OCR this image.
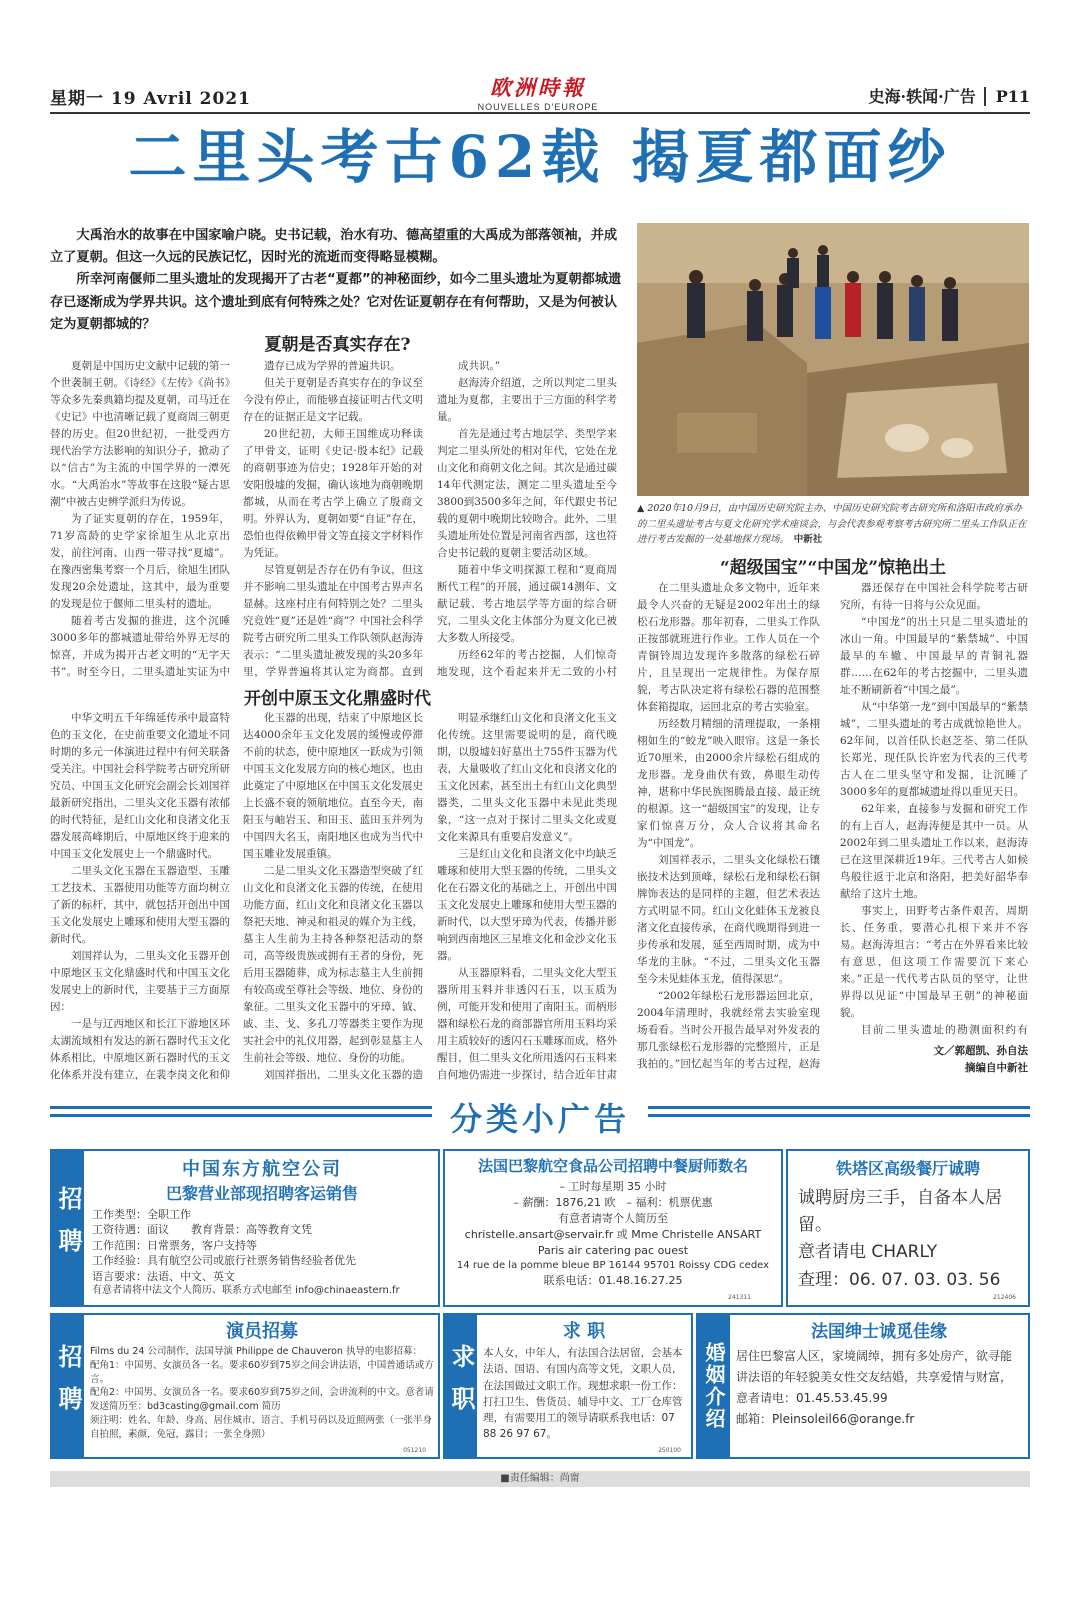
星期一 19 Avril 2021	欧洲時報
NOUVELLES D'EUROPE
史海·轶闻·广告 P11
二里头考古62载 揭夏都面纱

大禹治水的故事在中国家喻户晓。史书记载，治水有功、德高望重的大禹成为部落领袖，并成立了夏朝。但这一久远的民族记忆，因时光的流逝而变得略显模糊。

所幸河南偃师二里头遗址的发现揭开了古老“夏都”的神秘面纱，如今二里头遗址为夏朝都城遗存已逐渐成为学界共识。这个遗址到底有何特殊之处？它对佐证夏朝存在有何帮助，又是为何被认定为夏朝都城的？

▲ 2020年10月9日，由中国历史研究院主办、中国历史研究院考古研究所和洛阳市政府承办的二里头遗址考古与夏文化研究学术座谈会，与会代表参观考察考古研究所二里头工作队正在进行考古发掘的一处墓地探方现场。　 中新社
夏朝是否真实存在?

夏朝是中国历史文献中记载的第一个世袭制王朝。《诗经》《左传》《尚书》等众多先秦典籍均提及夏朝，司马迁在《史记》中也清晰记载了夏商周三朝更替的历史。但20世纪初，一批受西方现代治学方法影响的知识分子，掀动了以“信古”为主流的中国学界的一潭死水。“大禹治水”等故事在这股“疑古思潮”中被古史辨学派归为传说。

为了证实夏朝的存在，1959年，71岁高龄的史学家徐旭生从北京出发，前往河南、山西一带寻找“夏墟”。在豫西密集考察一个月后，徐旭生团队发现20余处遗址，这其中，最为重要的发现是位于偃师二里头村的遗址。

随着考古发掘的推进，这个沉睡3000多年的都城遗址带给外界无尽的惊喜，并成为揭开古老文明的“无字天书”。时至今日，二里头遗址实证为中

遗存已成为学界的普遍共识。

但关于夏朝是否真实存在的争议至今没有停止，而能够直接证明古代文明存在的证据正是文字记载。

20世纪初，大师王国维成功释读了甲骨文，证明《史记·殷本纪》记载的商朝事迹为信史；1928年开始的对安阳殷墟的发掘，确认该地为商朝晚期都城，从而在考古学上确立了殷商文明。外界认为，夏朝如要“自证”存在，恐怕也得依赖甲骨文等直接文字材料作为凭证。

尽管夏朝是否存在仍有争议，但这并不影响二里头遗址在中国考古界声名显赫。这座村庄有何特别之处？二里头究竟姓“夏”还是姓“商”？中国社会科学院考古研究所二里头工作队领队赵海涛表示：“二里头遗址被发现的头20多年里，学界普遍将其认定为商都。直到

成共识。”

赵海涛介绍道，之所以判定二里头遗址为夏都，主要出于三方面的科学考量。

首先是通过考古地层学、类型学来判定二里头所处的相对年代，它处在龙山文化和商朝文化之间。其次是通过碳14年代测定法，测定二里头遗址至今3800到3500多年之间，年代跟史书记载的夏朝中晚期比较吻合。此外，二里头遗址所处位置是河南省西部，这也符合史书记载的夏朝主要活动区域。

随着中华文明探源工程和“夏商周断代工程”的开展，通过碳14测年、文献记载、考古地层学等方面的综合研究，二里头文化主体部分为夏文化已被大多数人所接受。

历经62年的考古挖掘，人们惊奇地发现，这个看起来并无二致的小村

开创中原玉文化鼎盛时代

中华文明五千年绵延传承中最富特色的玉文化，在史前重要文化遗址不同时期的多元一体演进过程中有何关联备受关注。中国社会科学院考古研究所研究员、中国玉文化研究会副会长刘国祥最新研究指出，二里头文化玉器有浓郁的时代特征，是红山文化和良渚文化玉器发展高峰期后，中原地区终于迎来的中国玉文化发展史上一个鼎盛时代。

二里头文化玉器在玉器造型、玉雕工艺技术、玉器使用功能等方面均树立了新的标杆，其中，就包括开创出中国玉文化发展史上雕琢和使用大型玉器的新时代。

刘国祥认为，二里头文化玉器开创中原地区玉文化鼎盛时代和中国玉文化发展史上的新时代，主要基于三方面原因：

一是与辽西地区和长江下游地区环太湖流域相有发达的新石器时代玉文化体系相比，中原地区新石器时代的玉文化体系并没有建立，在裴李岗文化和仰

化玉器的出现，结束了中原地区长达4000余年玉文化发展的缓慢或停滞不前的状态，使中原地区一跃成为引领中国玉文化发展方向的核心地区，也由此奠定了中原地区在中国玉文化发展史上长盛不衰的领航地位。直至今天，南阳玉与岫岩玉、和田玉、蓝田玉并列为中国四大名玉，南阳地区也成为当代中国玉雕业发展重镇。

二是二里头文化玉器造型突破了红山文化和良渚文化玉器的传统，在使用功能方面，红山文化和良渚文化玉器以祭祀天地、神灵和祖灵的媒介为主线，墓主人生前为主持各种祭祀活动的祭司，高等级贵族或拥有王者的身份，死后用玉器随葬，成为标志墓主人生前拥有较高或至尊社会等级、地位、身份的象征。二里头文化玉器中的牙璋、钺、戚、圭、戈、多孔刀等器类主要作为现实社会中的礼仪用器，起到彰显墓主人生前社会等级、地位、身份的功能。

刘国祥指出，二里头文化玉器的造

明显承继红山文化和良渚文化玉文化传统。这里需要说明的是，商代晚期，以殷墟妇好墓出土755件玉器为代表，大量吸收了红山文化和良渚文化的玉文化因素，甚至出土有红山文化典型器类，二里头文化玉器中未见此类现象，“这一点对于探讨二里头文化或夏文化来源具有重要启发意义”。

三是红山文化和良渚文化中均缺乏雕琢和使用大型玉器的传统，二里头文化在石器文化的基础之上，开创出中国玉文化发展史上雕琢和使用大型玉器的新时代，以大型牙璋为代表，传播并影响到西南地区三星堆文化和金沙文化玉器。

从玉器原料看，二里头文化大型玉器所用玉料并非透闪石玉，以玉质为例，可能开发和使用了南阳玉。而柄形器和绿松石龙的商部器官所用玉料均采用主质较好的透闪石玉雕琢而成，格外醒目，但二里头文化所用透闪石玉料来自何地仍需进一步探讨，结合近年甘肃

“超级国宝”“中国龙”惊艳出土

在二里头遗址众多文物中，近年来最令人兴奋的无疑是2002年出土的绿松石龙形器。那年初春，二里头工作队正按部就班进行作业。工作人员在一个青铜铃周边发现许多散落的绿松石碎片，且呈现出一定规律性。为保存原貌，考古队决定将有绿松石器的范围整体套箱提取，运回北京的考古实验室。

历经数月精细的清理提取，一条栩栩如生的“蛟龙”映入眼帘。这是一条长近70厘米，由2000余片绿松石组成的龙形器。龙身曲伏有致，鼻眼生动传神，堪称中华民族图腾最直接、最正统的根源。这一“超级国宝”的发现，让专家们惊喜万分，众人合议将其命名为“中国龙”。

刘国祥表示，二里头文化绿松石镶嵌技术达到顶峰，绿松石龙和绿松石铜牌饰表达的是同样的主题，但艺术表达方式明显不同。红山文化蛙体玉龙被良渚文化直接传承，在商代晚期得到进一步传承和发展，延至西周时期，成为中华龙的主脉。“不过，二里头文化玉器至今未见蛙体玉龙，值得深思”。

“2002年绿松石龙形器运回北京，2004年清理时，我就经常去实验室现场看看。当时公开报告最早对外发表的那几张绿松石龙形器的完整照片，正是我拍的。”回忆起当年的考古过程，赵海

器还保存在中国社会科学院考古研究所，有待一日将与公众见面。

“中国龙”的出土只是二里头遗址的冰山一角。中国最早的“紫禁城”、中国最早的车辙、中国最早的青铜礼器群……在62年的考古挖掘中，二里头遗址不断刷新着“中国之最”。

从“中华第一龙”到中国最早的“紫禁城”，二里头遗址的考古成就惊艳世人。62年间，以首任队长赵芝荃、第二任队长郑光、现任队长许宏为代表的三代考古人在二里头坚守和发掘，让沉睡了3000多年的夏都城遗址得以重见天日。

62年来，直接参与发掘和研究工作的有上百人，赵海涛便是其中一员。从2002年到二里头遗址工作以来，赵海涛已在这里深耕近19年。三代考古人如候鸟般往返于北京和洛阳，把美好韶华奉献给了这片土地。

事实上，田野考古条件艰苦，周期长、任务重，要潜心扎根下来并不容易。赵海涛坦言：“考古在外界看来比较有意思，但这项工作需要沉下来心来。”正是一代代考古队员的坚守，让世界得以见证“中国最早王朝”的神秘面貌。

目前二里头遗址的勘测面积约有

文／郭超凯、孙自法
摘编自中新社
分类小广告
招聘
中国东方航空公司
巴黎营业部现招聘客运销售
工作类型：全职工作
工资待遇：面议　　教育背景：高等教育文凭
工作范围：日常票务，客户支持等
工作经验：具有航空公司或旅行社票务销售经验者优先
语言要求：法语、中文、英文
有意者请将中法文个人简历、联系方式电邮至 info@chinaeastern.fr
法国巴黎航空食品公司招聘中餐厨师数名
– 工时每星期 35 小时
– 薪酬：1876,21 欧　– 福利：机票优惠
有意者请寄个人简历至
christelle.ansart@servair.fr 或 Mme Christelle ANSART
Paris air catering pac ouest
14 rue de la pomme bleue BP 16144 95701 Roissy CDG cedex
联系电话：01.48.16.27.25
241311
铁塔区高级餐厅诚聘
诚聘厨房三手，自备本人居留。
意者请电 CHARLY
查理：06. 07. 03. 03. 56
212406
招聘
演员招募
Films du 24 公司制作，法国导演 Philippe de Chauveron 执导的电影招募：
配角1：中国男、女演员各一名。要求60岁到75岁之间会讲法语，中国普通话或方言。
配角2：中国男、女演员各一名。要求60岁到75岁之间，会讲流利的中文。意者请发送简历至：bd3casting@gmail.com 简历
须注明：姓名、年龄、身高、居住城市、语言、手机号码以及近照两张（一张半身自拍照，素颜，免冠，露目；一张全身照）
051210
求职
求 职
本人女，中年人，有法国合法居留，会基本法语、国语、有国内高等文凭，文职人员，在法国做过文职工作。现想求职一份工作：打扫卫生、售货员、辅导中文、工厂仓库管理，有需要用工的领导请联系我电话：07 88 26 97 67。
250100
婚姻介绍
法国绅士诚觅佳缘
居住巴黎富人区，家境阔绰，拥有多处房产，欲寻能讲法语的年轻貌美女性交友结婚，共享爱情与财富，意者请电：01.45.53.45.99
邮箱：Pleinsoleil66@orange.fr
■责任编辑：尚甯
